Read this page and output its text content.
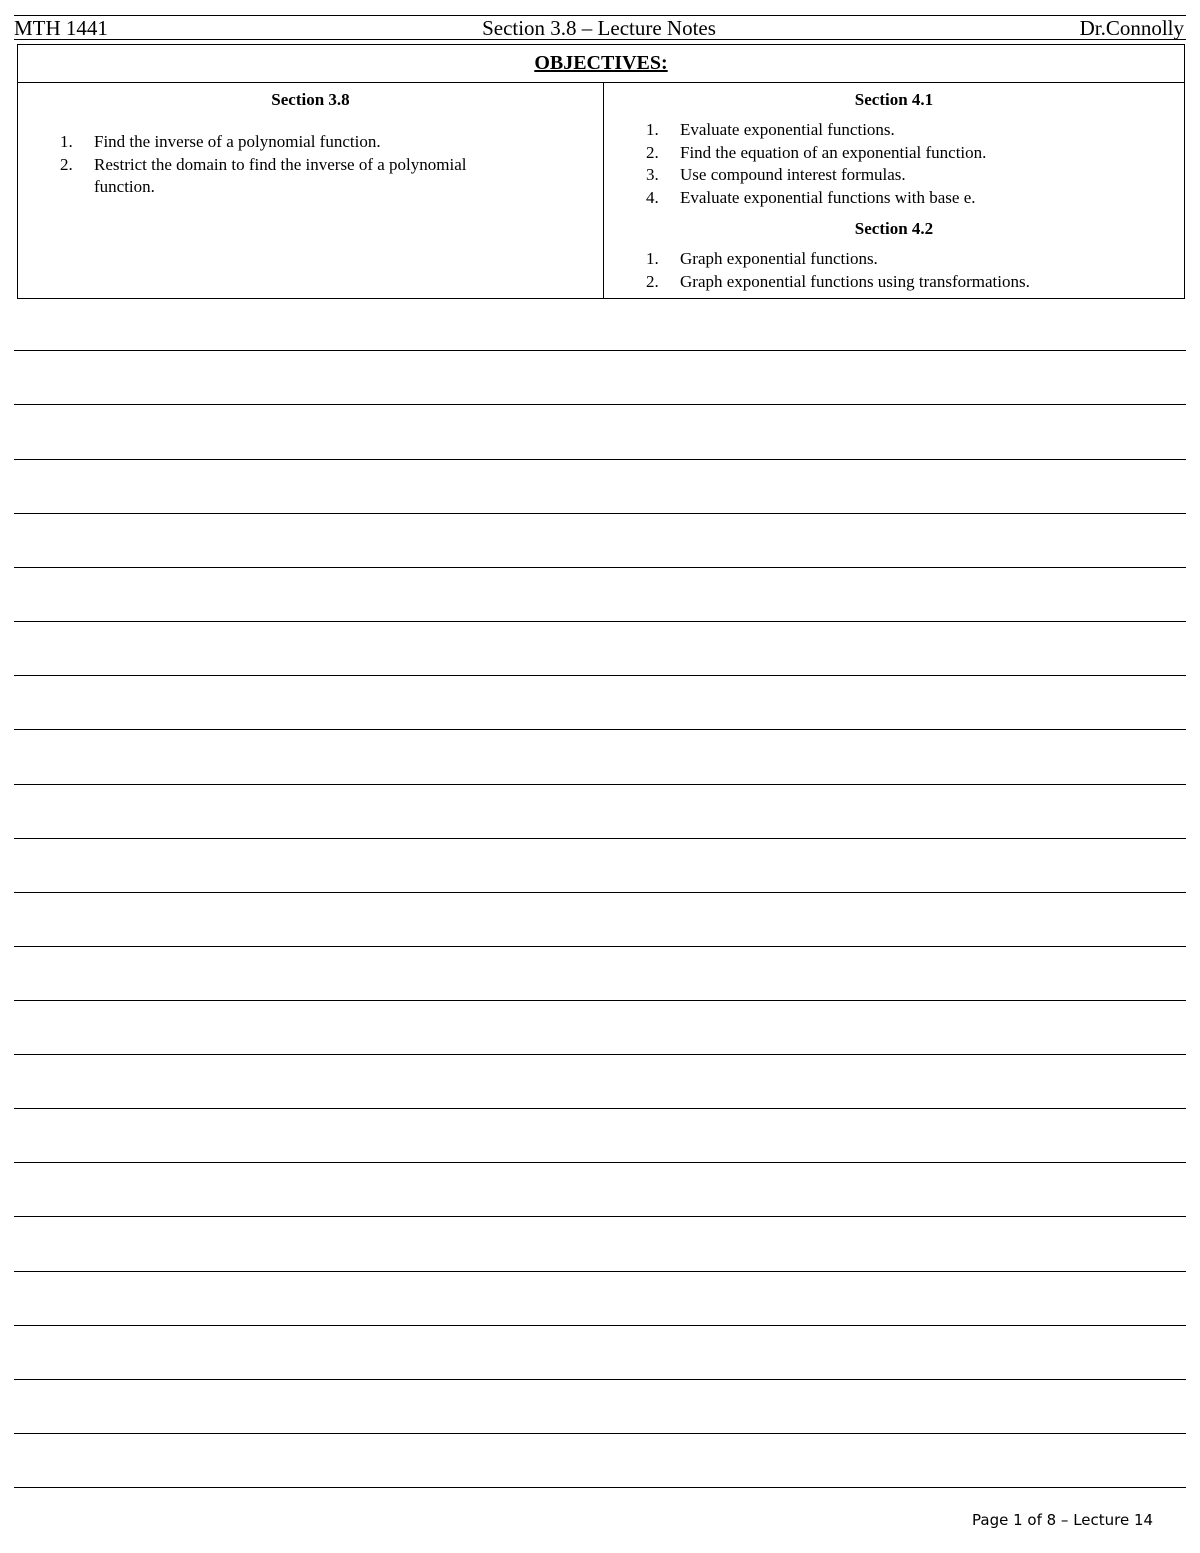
MTH 1441	Section 3.8 – Lecture Notes	Dr.Connolly
OBJECTIVES:

Section 3.8

1. Find the inverse of a polynomial function.
2. Restrict the domain to find the inverse of a polynomial function.

Section 4.1

1. Evaluate exponential functions.
2. Find the equation of an exponential function.
3. Use compound interest formulas.
4. Evaluate exponential functions with base e.

Section 4.2

1. Graph exponential functions.
2. Graph exponential functions using transformations.
Page 1 of 8 – Lecture 14
